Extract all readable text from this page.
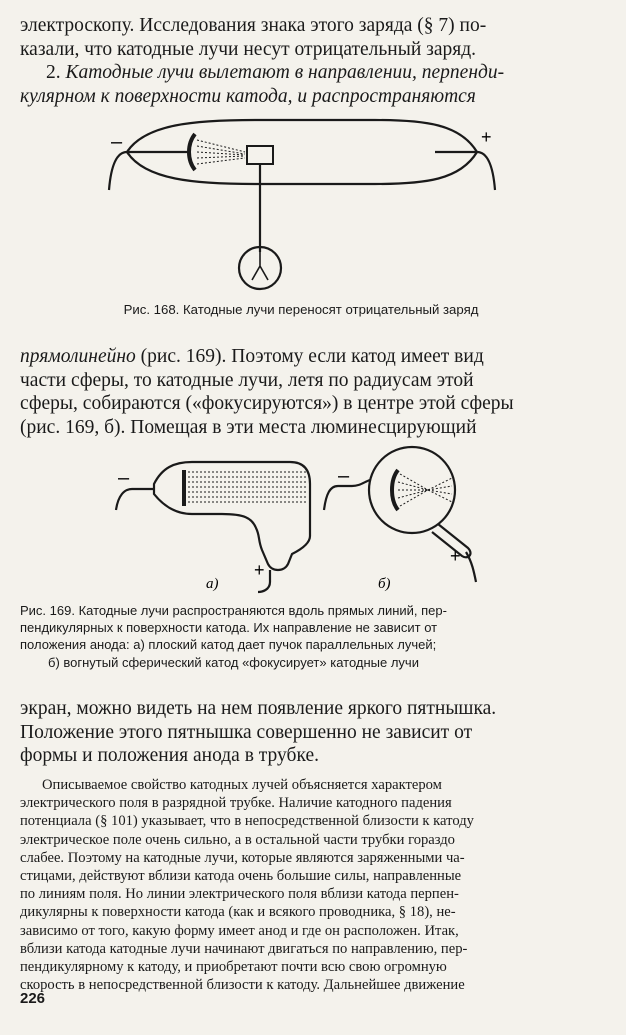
электроскопу. Исследования знака этого заряда (§ 7) по-
казали, что катодные лучи несут отрицательный заряд.
2. Катодные лучи вылетают в направлении, перпенди-
кулярном к поверхности катода, и распространяются

–	+

Рис. 168. Катодные лучи переносят отрицательный заряд

прямолинейно (рис. 169). Поэтому если катод имеет вид
части сферы, то катодные лучи, летя по радиусам этой
сферы, собираются («фокусируются») в центре этой сферы
(рис. 169, б). Помещая в эти места люминесцирующий

–
+
–
+
а)	б)

Рис. 169. Катодные лучи распространяются вдоль прямых линий, пер-
пендикулярных к поверхности катода. Их направление не зависит от
положения анода: а) плоский катод дает пучок параллельных лучей;
б) вогнутый сферический катод «фокусирует» катодные лучи

экран, можно видеть на нем появление яркого пятнышка.
Положение этого пятнышка совершенно не зависит от
формы и положения анода в трубке.

Описываемое свойство катодных лучей объясняется характером
электрического поля в разрядной трубке. Наличие катодного падения
потенциала (§ 101) указывает, что в непосредственной близости к катоду
электрическое поле очень сильно, а в остальной части трубки гораздо
слабее. Поэтому на катодные лучи, которые являются заряженными ча-
стицами, действуют вблизи катода очень большие силы, направленные
по линиям поля. Но линии электрического поля вблизи катода перпен-
дикулярны к поверхности катода (как и всякого проводника, § 18), не-
зависимо от того, какую форму имеет анод и где он расположен. Итак,
вблизи катода катодные лучи начинают двигаться по направлению, пер-
пендикулярному к катоду, и приобретают почти всю свою огромную
скорость в непосредственной близости к катоду. Дальнейшее движение

226
